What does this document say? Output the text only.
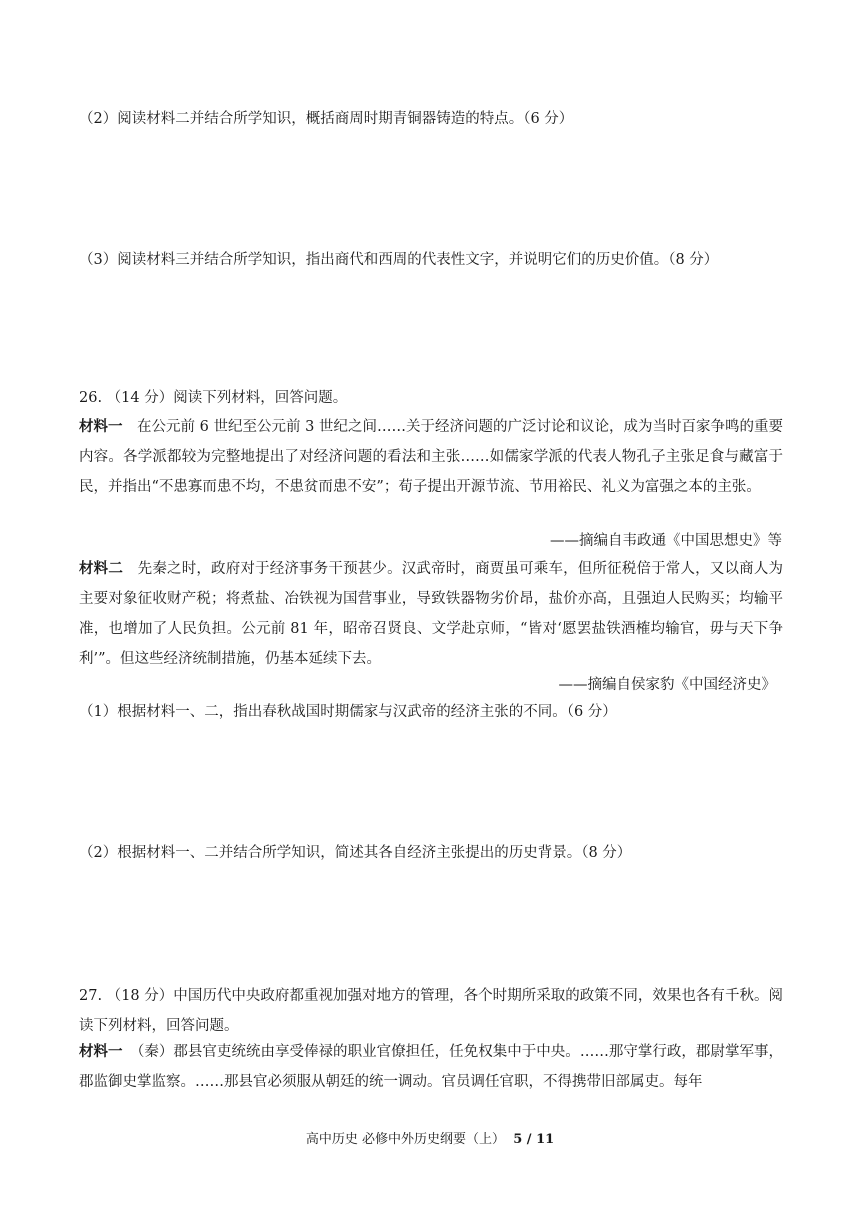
（2）阅读材料二并结合所学知识，概括商周时期青铜器铸造的特点。（6 分）
（3）阅读材料三并结合所学知识，指出商代和西周的代表性文字，并说明它们的历史价值。（8 分）
26. （14 分）阅读下列材料，回答问题。
材料一　在公元前 6 世纪至公元前 3 世纪之间……关于经济问题的广泛讨论和议论，成为当时百家争鸣的重要内容。各学派都较为完整地提出了对经济问题的看法和主张……如儒家学派的代表人物孔子主张足食与藏富于民，并指出“不患寡而患不均，不患贫而患不安”；荀子提出开源节流、节用裕民、礼义为富强之本的主张。
——摘编自韦政通《中国思想史》等
材料二　先秦之时，政府对于经济事务干预甚少。汉武帝时，商贾虽可乘车，但所征税倍于常人，又以商人为主要对象征收财产税；将煮盐、冶铁视为国营事业，导致铁器物劣价昂，盐价亦高，且强迫人民购买；均输平准，也增加了人民负担。公元前 81 年，昭帝召贤良、文学赴京师，“皆对‘愿罢盐铁酒榷均输官，毋与天下争利’”。但这些经济统制措施，仍基本延续下去。
——摘编自侯家豹《中国经济史》
（1）根据材料一、二，指出春秋战国时期儒家与汉武帝的经济主张的不同。（6 分）
（2）根据材料一、二并结合所学知识，简述其各自经济主张提出的历史背景。（8 分）
27. （18 分）中国历代中央政府都重视加强对地方的管理，各个时期所采取的政策不同，效果也各有千秋。阅读下列材料，回答问题。
材料一　（秦）郡县官吏统统由享受俸禄的职业官僚担任，任免权集中于中央。……那守掌行政，郡尉掌军事，郡监御史掌监察。……那县官必须服从朝廷的统一调动。官员调任官职，不得携带旧部属吏。每年
高中历史 必修中外历史纲要（上） 5 / 11
